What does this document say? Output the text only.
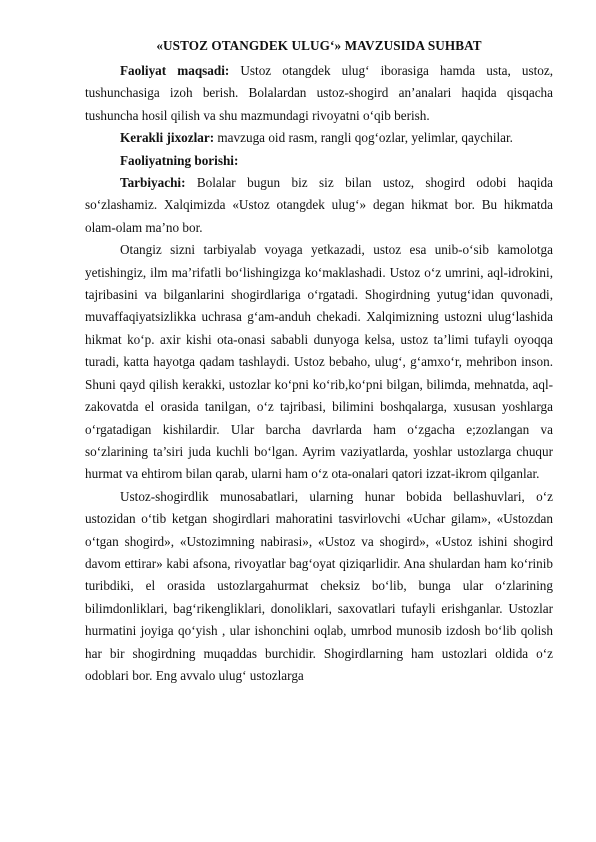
«USTOZ OTANGDEK ULUG‘» MAVZUSIDA SUHBAT

Faoliyat maqsadi: Ustoz otangdek ulug‘ iborasiga hamda usta, ustoz, tushunchasiga izoh berish. Bolalardan ustoz-shogird an’analari haqida qisqacha tushuncha hosil qilish va shu mazmundagi rivoyatni o‘qib berish.

Kerakli jixozlar: mavzuga oid rasm, rangli qog‘ozlar, yelimlar, qaychilar.

Faoliyatning borishi:

Tarbiyachi: Bolalar bugun biz siz bilan ustoz, shogird odobi haqida so‘zlashamiz. Xalqimizda «Ustoz otangdek ulug‘» degan hikmat bor. Bu hikmatda olam-olam ma’no bor.

Otangiz sizni tarbiyalab voyaga yetkazadi, ustoz esa unib-o‘sib kamolotga yetishingiz, ilm ma’rifatli bo‘lishingizga ko‘maklashadi. Ustoz o‘z umrini, aql-idrokini, tajribasini va bilganlarini shogirdlariga o‘rgatadi. Shogirdning yutug‘idan quvonadi, muvaffaqiyatsizlikka uchrasa g‘am-anduh chekadi. Xalqimizning ustozni ulug‘lashida hikmat ko‘p. axir kishi ota-onasi sababli dunyoga kelsa, ustoz ta’limi tufayli oyoqqa turadi, katta hayotga qadam tashlaydi. Ustoz bebaho, ulug‘, g‘amxo‘r, mehribon inson. Shuni qayd qilish kerakki, ustozlar ko‘pni ko‘rib,ko‘pni bilgan, bilimda, mehnatda, aql-zakovatda el orasida tanilgan, o‘z tajribasi, bilimini boshqalarga, xususan yoshlarga o‘rgatadigan kishilardir. Ular barcha davrlarda ham o‘zgacha e;zozlangan va so‘zlarining ta’siri juda kuchli bo‘lgan. Ayrim vaziyatlarda, yoshlar ustozlarga chuqur hurmat va ehtirom bilan qarab, ularni ham o‘z ota-onalari qatori izzat-ikrom qilganlar.

Ustoz-shogirdlik munosabatlari, ularning hunar bobida bellashuvlari, o‘z ustozidan o‘tib ketgan shogirdlari mahoratini tasvirlovchi «Uchar gilam», «Ustozdan o‘tgan shogird», «Ustozimning nabirasi», «Ustoz va shogird», «Ustoz ishini shogird davom ettirar» kabi afsona, rivoyatlar bag‘oyat qiziqarlidir. Ana shulardan ham ko‘rinib turibdiki, el orasida ustozlargahurmat cheksiz bo‘lib, bunga ular o‘zlarining bilimdonliklari, bag‘rikengliklari, donoliklari, saxovatlari tufayli erishganlar. Ustozlar hurmatini joyiga qo‘yish , ular ishonchini oqlab, umrbod munosib izdosh bo‘lib qolish har bir shogirdning muqaddas burchidir. Shogirdlarning ham ustozlari oldida o‘z odoblari bor. Eng avvalo ulug‘ ustozlarga
